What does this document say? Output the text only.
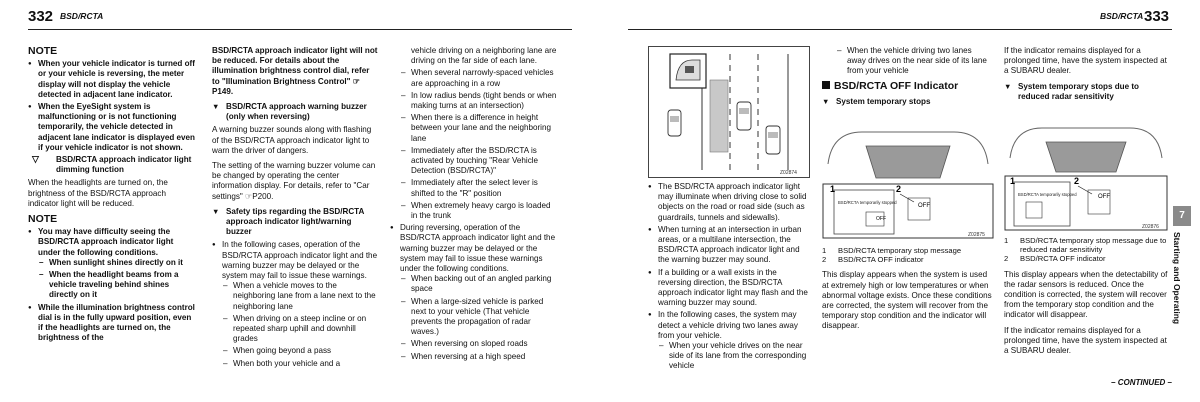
332 BSD/RCTA
NOTE
● When your vehicle indicator is turned off or your vehicle is reversing, the meter display will not display the vehicle detected in adjacent lane indicator.
● When the EyeSight system is malfunctioning or is not functioning temporarily, the vehicle detected in adjacent lane indicator is displayed even if your vehicle indicator is not shown.
▽ BSD/RCTA approach indicator light dimming function

When the headlights are turned on, the brightness of the BSD/RCTA approach indicator light will be reduced.

NOTE
● You may have difficulty seeing the BSD/RCTA approach indicator light under the following conditions.
– When sunlight shines directly on it
– When the headlight beams from a vehicle traveling behind shines directly on it
● While the illumination brightness control dial is in the fully upward position, even if the headlights are turned on, the brightness of the

BSD/RCTA approach indicator light will not be reduced. For details about the illumination brightness control dial, refer to "Illumination Brightness Control" ☞P149.

▼ BSD/RCTA approach warning buzzer (only when reversing)

A warning buzzer sounds along with flashing of the BSD/RCTA approach indicator light to warn the driver of dangers.

The setting of the warning buzzer volume can be changed by operating the center information display. For details, refer to "Car settings" ☞P200.

▼ Safety tips regarding the BSD/RCTA approach indicator light/warning buzzer
● In the following cases, operation of the BSD/RCTA approach indicator light and the warning buzzer may be delayed or the system may fail to issue these warnings.
– When a vehicle moves to the neighboring lane from a lane next to the neighboring lane
– When driving on a steep incline or on repeated sharp uphill and downhill grades
– When going beyond a pass
– When both your vehicle and a
vehicle driving on a neighboring lane are driving on the far side of each lane.
– When several narrowly-spaced vehicles are approaching in a row
– In low radius bends (tight bends or when making turns at an intersection)
– When there is a difference in height between your lane and the neighboring lane
– Immediately after the BSD/RCTA is activated by touching "Rear Vehicle Detection (BSD/RCTA)"
– Immediately after the select lever is shifted to the "R" position
– When extremely heavy cargo is loaded in the trunk
● During reversing, operation of the BSD/RCTA approach indicator light and the warning buzzer may be delayed or the system may fail to issue these warnings under the following conditions.
– When backing out of an angled parking space
– When a large-sized vehicle is parked next to your vehicle (That vehicle prevents the propagation of radar waves.)
– When reversing on sloped roads
– When reversing at a high speed
BSD/RCTA 333
Z02874
● The BSD/RCTA approach indicator light may illuminate when driving close to solid objects on the road or road side (such as guardrails, tunnels and sidewalls).
● When turning at an intersection in urban areas, or a multilane intersection, the BSD/RCTA approach indicator light and the warning buzzer may sound.
● If a building or a wall exists in the reversing direction, the BSD/RCTA approach indicator light may flash and the warning buzzer may sound.
● In the following cases, the system may detect a vehicle driving two lanes away from your vehicle.
– When your vehicle drives on the near side of its lane from the corresponding vehicle
– When the vehicle driving two lanes away drives on the near side of its lane from your vehicle
BSD/RCTA OFF Indicator
▼ System temporary stops
BSD/RCTA temporarily stopped
OFF
OFF
1	2
Z02875
1 BSD/RCTA temporary stop message
2 BSD/RCTA OFF indicator

This display appears when the system is used at extremely high or low temperatures or when abnormal voltage exists. Once these conditions are corrected, the system will recover from the temporary stop condition and the indicator will disappear.

If the indicator remains displayed for a prolonged time, have the system inspected at a SUBARU dealer.

▼ System temporary stops due to reduced radar sensitivity
BSD/RCTA temporarily stopped	OFF
1	2
Z02876
1 BSD/RCTA temporary stop message due to reduced radar sensitivity
2 BSD/RCTA OFF indicator

This display appears when the detectability of the radar sensors is reduced. Once the condition is corrected, the system will recover from the temporary stop condition and the indicator will disappear.

If the indicator remains displayed for a prolonged time, have the system inspected at a SUBARU dealer.

7
Starting and Operating
– CONTINUED –
